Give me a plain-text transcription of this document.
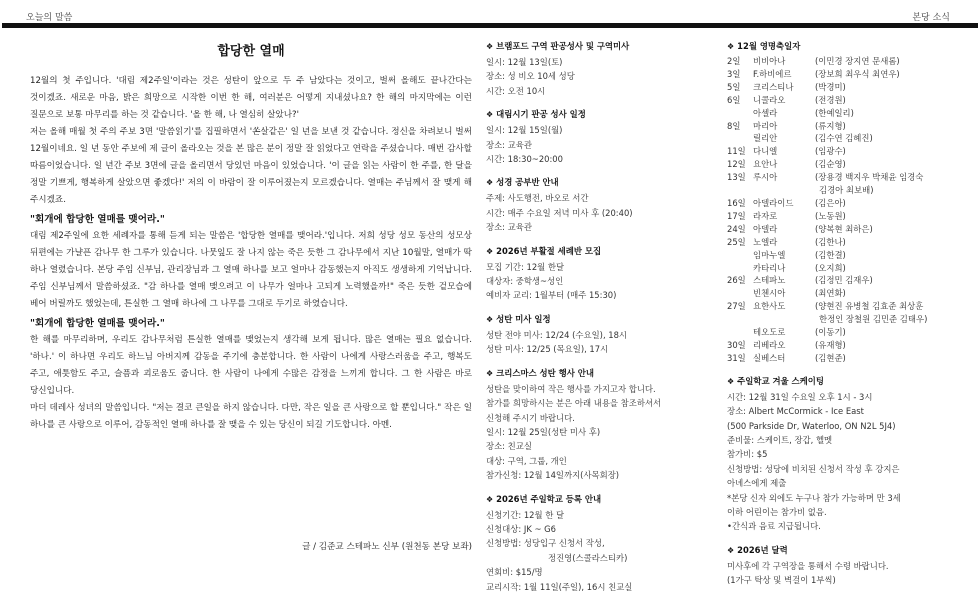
오늘의 말씀	본당 소식
합당한 열매

12월의 첫 주입니다. '대림 제2주일'이라는 것은 성탄이 앞으로 두 주 남았다는 것이고, 벌써 올해도 끝나간다는 것이겠죠. 새로운 마음, 밝은 희망으로 시작한 이번 한 해, 여러분은 어떻게 지내셨나요? 한 해의 마지막에는 이런 질문으로 보통 마무리를 하는 것 같습니다. '올 한 해, 나 열심히 살았나?'

저는 올해 매월 첫 주의 주보 3면 '말씀읽기'를 집필하면서 '쏜살같은' 일 년을 보낸 것 같습니다. 정신을 차려보니 벌써 12월이네요. 일 년 동안 주보에 제 글이 올라오는 것을 본 많은 분이 정말 잘 읽었다고 연락을 주셨습니다. 매번 감사할 따름이었습니다. 일 년간 주보 3면에 글을 올리면서 당있던 마음이 있었습니다. '이 글을 읽는 사람이 한 주를, 한 달을 정말 기쁘게, 행복하게 살았으면 좋겠다!' 저의 이 바람이 잘 이루어졌는지 모르겠습니다. 열매는 주님께서 잘 맺게 해 주시겠죠.

"회개에 합당한 열매를 맺어라."

대림 제2주일에 요한 세례자를 통해 듣게 되는 말씀은 '합당한 열매를 맺어라.'입니다. 저희 성당 성모 동산의 성모상 뒤편에는 가냘픈 감나무 한 그루가 있습니다. 나뭇잎도 잘 나지 않는 죽은 듯한 그 감나무에서 지난 10월말, 열매가 딱 하나 열렸습니다. 본당 주임 신부님, 관리장님과 그 열매 하나를 보고 얼마나 감동했는지 아직도 생생하게 기억납니다. 주임 신부님께서 말씀하셨죠. "감 하나를 열매 맺으려고 이 나무가 얼마나 고되게 노력했을까!" 죽은 듯한 겉모습에 베어 버릴까도 했었는데, 튼실한 그 열매 하나에 그 나무를 그대로 두기로 하였습니다.

"회개에 합당한 열매를 맺어라."

한 해를 마무리하며, 우리도 감나무처럼 튼실한 열매를 맺었는지 생각해 보게 됩니다. 많은 열매는 필요 없습니다. '하나.' 이 하나면 우리도 하느님 아버지께 감동을 주기에 충분합니다. 한 사람이 나에게 사랑스러움을 주고, 행복도 주고, 애틋함도 주고, 슬픔과 괴로움도 줍니다. 한 사람이 나에게 수많은 감정을 느끼게 합니다. 그 한 사람은 바로 당신입니다.

마더 데레사 성녀의 말씀입니다. "저는 결코 큰일을 하지 않습니다. 다만, 작은 일을 큰 사랑으로 할 뿐입니다." 작은 일 하나를 큰 사랑으로 이루어, 감동적인 열매 하나를 잘 맺을 수 있는 당신이 되길 기도합니다. 아멘.

글 / 김준교 스테파노 신부 (원천동 본당 보좌)
❖ 브램포드 구역 판공성사 및 구역미사
일시: 12월 13일(토)
장소: 성 비오 10세 성당
시간: 오전 10시
❖ 대림시기 판공 성사 일정
일시: 12월 15일(월)
장소: 교육관
시간: 18:30~20:00
❖ 성경 공부반 안내
주제: 사도행전, 바오로 서간
시간: 매주 수요일 저녁 미사 후 (20:40)
장소: 교육관
❖ 2026년 부활절 세례반 모집
모집 기간: 12월 한달
대상자: 중학생~성인
예비자 교리: 1월부터 (매주 15:30)
❖ 성탄 미사 일정
성탄 전야 미사: 12/24 (수요일), 18시
성탄 미사: 12/25 (목요일), 17시
❖ 크리스마스 성탄 행사 안내
성탄을 맞이하여 작은 행사를 가지고자 합니다.
참가를 희망하시는 분은 아래 내용을 참조하셔서
신청해 주시기 바랍니다.
일시: 12월 25일(성탄 미사 후)
장소: 친교실
대상: 구역, 그룹, 개인
참가신청: 12월 14일까지(사목회장)
❖ 2026년 주일학교 등록 안내
신청기간: 12월 한 달
신청대상: JK ~ G6
신청방법: 성당입구 신청서 작성,
정진영(스콜라스티카)
연회비: $15/명
교리시작: 1월 11일(주일), 16시 친교실
❖ 12월 영명축일자
2일	비비아나	(이민경 장지연 문새롬)
3일	F.하비에르	(장보희 최우식 최연우)
5일	크리스티나	(박경미)
6일	니콜라오	(전경원)
아셀라	(한예일리)
8일	마리아	(류지형)
릴리안	(김수연 김혜진)
11일 다니엘	(임광수)
12일 요안나	(김순영)
13일 루시아	(장용경 백지우 박채윤 임경숙
김경아 최보배)
16일 아델라이드	(김은아)
17일 라자로	(노동원)
24일 아델라	(양복현 최하은)
25일 노엘라	(김한나)
임마누엘	(김한결)
카타리나	(오지희)
26일 스테파노	(김정민 김재우)
빈첸시아	(최연화)
27일 요한사도	(양현진 유병철 김효준 최상훈
한정인 장철원 김민준 김태우)
테오도로	(이동기)
30일 리베라오	(유재형)
31일 실베스터	(김현준)
❖ 주일학교 겨울 스케이팅
시간: 12월 31일 수요일 오후 1시 - 3시
장소: Albert McCormick - Ice East
(500 Parkside Dr, Waterloo, ON N2L 5J4)
준비물: 스케이트, 장갑, 헬멧
참가비: $5
신청방법: 성당에 비치된 신청서 작성 후 강지은
아녜스에게 제출
*본당 신자 외에도 누구나 참가 가능하며 만 3세
이하 어린이는 참가비 없음.
•간식과 음료 지급됩니다.
❖ 2026년 달력
미사후에 각 구역장을 통해서 수령 바랍니다.
(1가구 탁상 및 벽걸이 1부씩)
